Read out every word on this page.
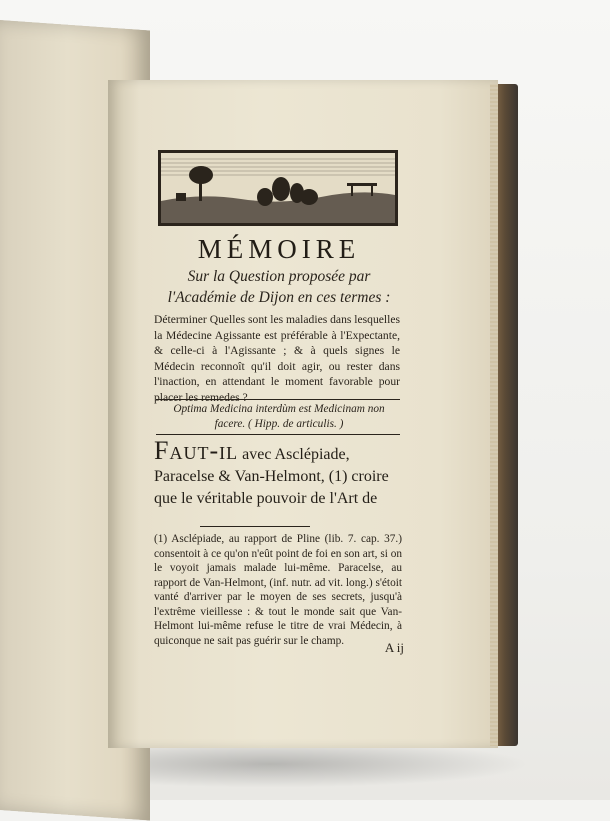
MÉMOIRE
Sur la Question proposée par
l'Académie de Dijon en ces termes :
Déterminer Quelles sont les maladies dans lesquelles la Médecine Agissante est préférable à l'Expectante, & celle-ci à l'Agissante ; & à quels signes le Médecin reconnoît qu'il doit agir, ou rester dans l'inaction, en attendant le moment favorable pour placer les remedes ?
Optima Medicina interdùm est Medicinam non facere. ( Hipp. de articulis. )
Faut-il avec Asclépiade, Paracelse & Van-Helmont, (1) croire que le véritable pouvoir de l'Art de
(1) Asclépiade, au rapport de Pline (lib. 7. cap. 37.) consentoit à ce qu'on n'eût point de foi en son art, si on le voyoit jamais malade lui-même. Paracelse, au rapport de Van-Helmont, (inf. nutr. ad vit. long.) s'étoit vanté d'arriver par le moyen de ses secrets, jusqu'à l'extrême vieillesse : & tout le monde sait que Van-Helmont lui-même refuse le titre de vrai Médecin, à quiconque ne sait pas guérir sur le champ.	A ij
